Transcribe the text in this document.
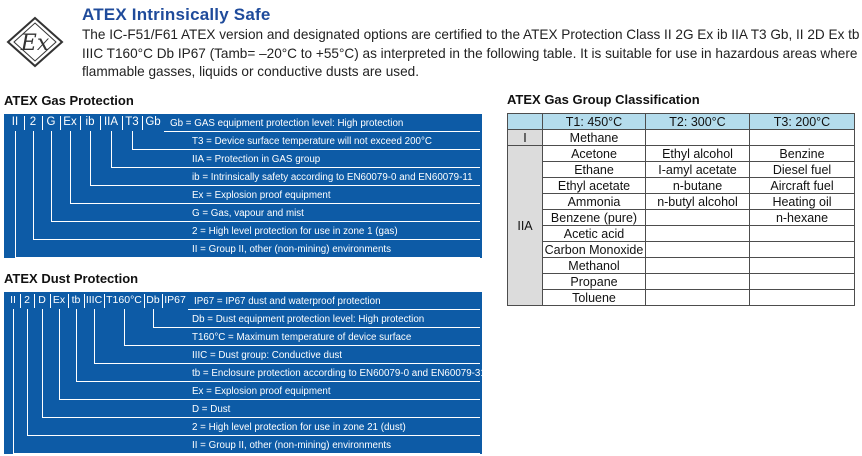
Ex
ATEX Intrinsically Safe
The IC-F51/F61 ATEX version and designated options are certified to the ATEX Protection Class II 2G Ex ib IIA T3 Gb, II 2D Ex tb IIIC T160°C Db IP67 (Tamb= –20°C to +55°C) as interpreted in the following table. It is suitable for use in hazardous areas where flammable gasses, liquids or conductive dusts are used.
ATEX Gas Protection
ATEX Dust Protection
ATEX Gas Group Classification
II	2 G Ex ib IIA T3 Gb Gb = GAS equipment protection level: High protection
T3 = Device surface temperature will not exceed 200°C
IIA = Protection in GAS group
ib = Intrinsically safety according to EN60079-0 and EN60079-11
Ex = Explosion proof equipment
G = Gas, vapour and mist
2 = High level protection for use in zone 1 (gas)
II = Group II, other (non-mining) environments
II 2 D Ex tb IIIC T160°C Db IP67 IP67 = IP67 dust and waterproof protection
Db = Dust equipment protection level: High protection
T160°C = Maximum temperature of device surface
IIIC = Dust group: Conductive dust
tb = Enclosure protection according to EN60079-0 and EN60079-31
Ex = Explosion proof equipment
D = Dust
2 = High level protection for use in zone 21 (dust)
II = Group II, other (non-mining) environments
	T1: 450°C	T2: 300°C	T3: 200°C
I	Methane		
IIA	Acetone	Ethyl alcohol	Benzine
	Ethane	I-amyl acetate	Diesel fuel
	Ethyl acetate	n-butane	Aircraft fuel
	Ammonia	n-butyl alcohol	Heating oil
	Benzene (pure)		n-hexane
	Acetic acid		
	Carbon Monoxide		
	Methanol		
	Propane		
	Toluene		
